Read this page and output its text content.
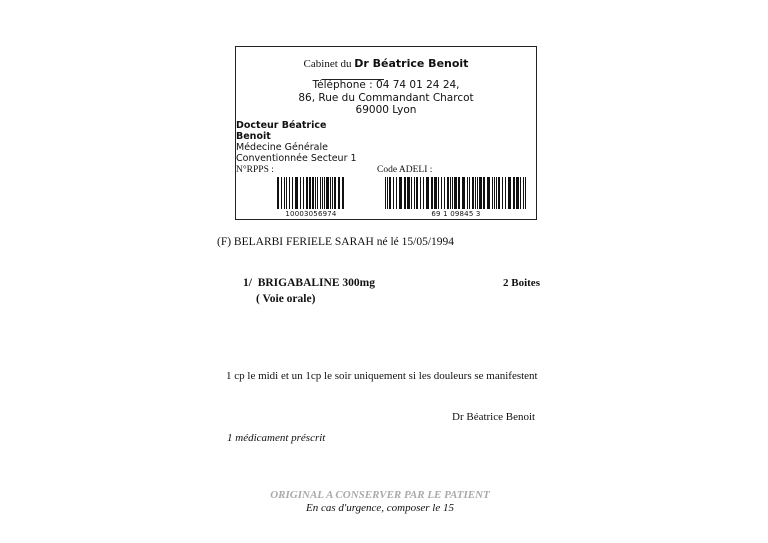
Cabinet du Dr Béatrice Benoit
Téléphone : 04 74 01 24 24,
86, Rue du Commandant Charcot
69000 Lyon
Docteur Béatrice
Benoit
Médecine Générale
Conventionnée Secteur 1
N°RPPS :	Code ADELI :
10003056974	69 1 09845 3
(F) BELARBI FERIELE SARAH né lé 15/05/1994
1/ BRIGABALINE 300mg
( Voie orale)
2 Boites
1 cp le midi et un 1cp le soir uniquement si les douleurs se manifestent
Dr Béatrice Benoit
1 médicament préscrit
ORIGINAL A CONSERVER PAR LE PATIENT
En cas d'urgence, composer le 15
